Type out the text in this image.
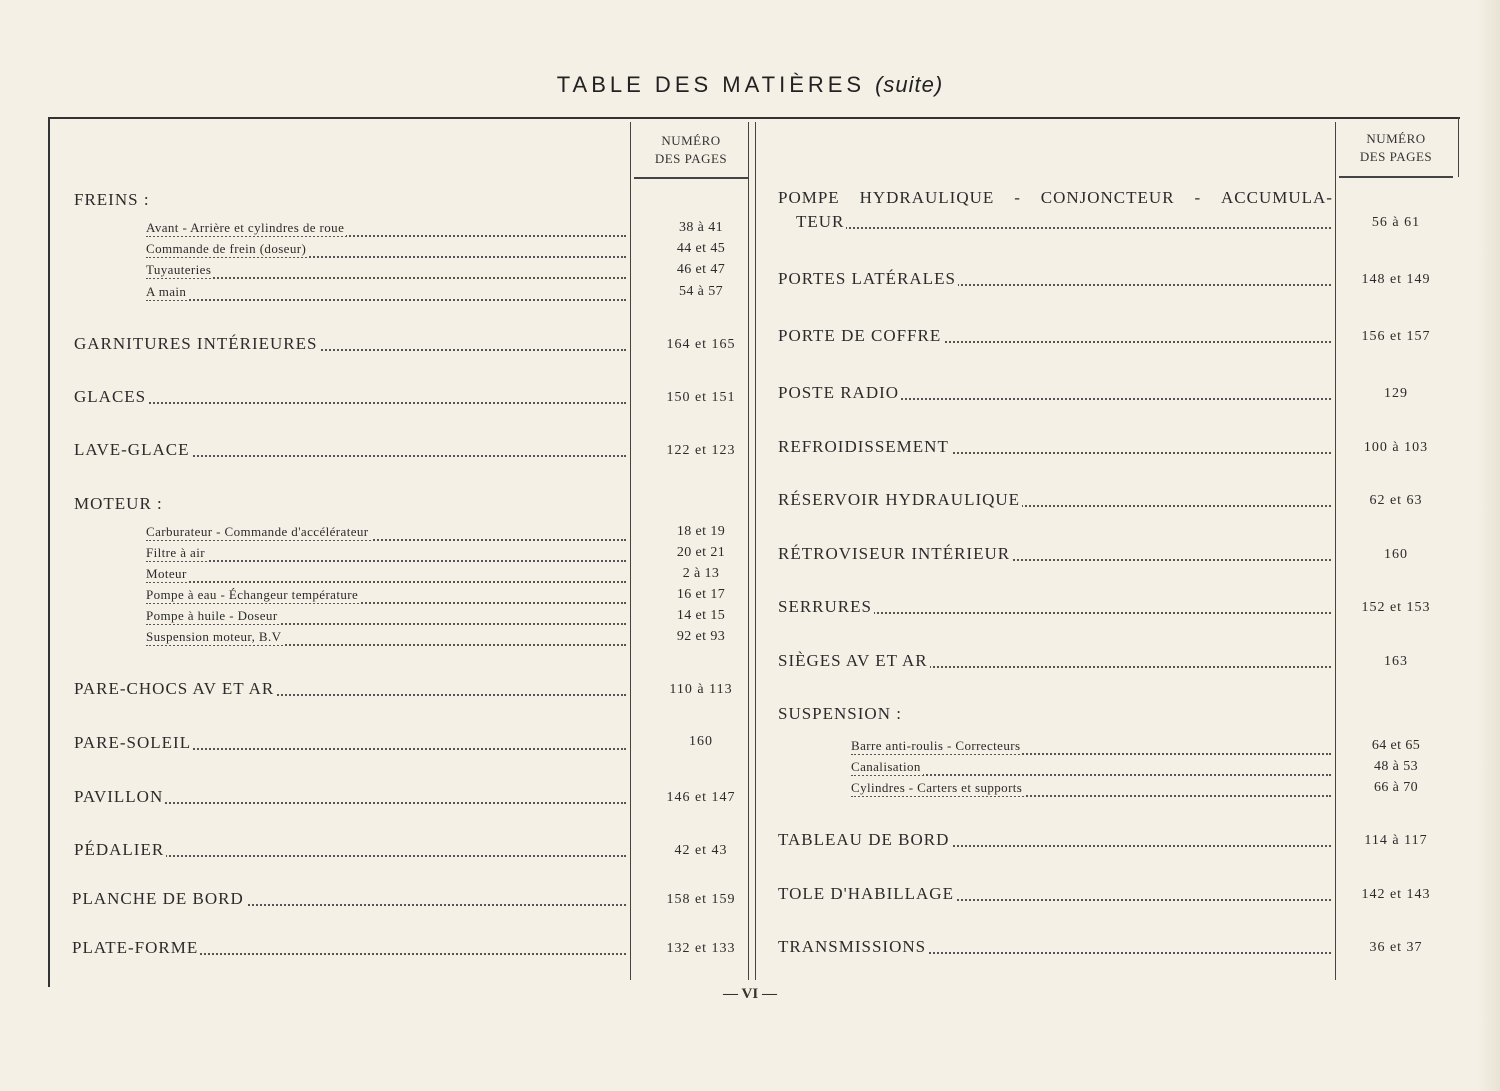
TABLE DES MATIÈRES (suite)
NUMÉRO
DES PAGES
NUMÉRO
DES PAGES
FREINS :
Avant - Arrière et cylindres de roue	38 à 41
Commande de frein (doseur)	44 et 45
Tuyauteries	46 et 47
A main	54 à 57
GARNITURES INTÉRIEURES	164 et 165
GLACES	150 et 151
LAVE-GLACE	122 et 123
MOTEUR :
Carburateur - Commande d'accélérateur	18 et 19
Filtre à air	20 et 21
Moteur	2 à 13
Pompe à eau - Échangeur température	16 et 17
Pompe à huile - Doseur	14 et 15
Suspension moteur, B.V	92 et 93
PARE-CHOCS AV ET AR	110 à 113
PARE-SOLEIL	160
PAVILLON	146 et 147
PÉDALIER	42 et 43
PLANCHE DE BORD	158 et 159
PLATE-FORME	132 et 133
POMPE HYDRAULIQUE - CONJONCTEUR - ACCUMULA-
TEUR	56 à 61
PORTES LATÉRALES	148 et 149
PORTE DE COFFRE	156 et 157
POSTE RADIO	129
REFROIDISSEMENT	100 à 103
RÉSERVOIR HYDRAULIQUE	62 et 63
RÉTROVISEUR INTÉRIEUR	160
SERRURES	152 et 153
SIÈGES AV ET AR	163
SUSPENSION :
Barre anti-roulis - Correcteurs	64 et 65
Canalisation	48 à 53
Cylindres - Carters et supports	66 à 70
TABLEAU DE BORD	114 à 117
TOLE D'HABILLAGE	142 et 143
TRANSMISSIONS	36 et 37
— VI —
